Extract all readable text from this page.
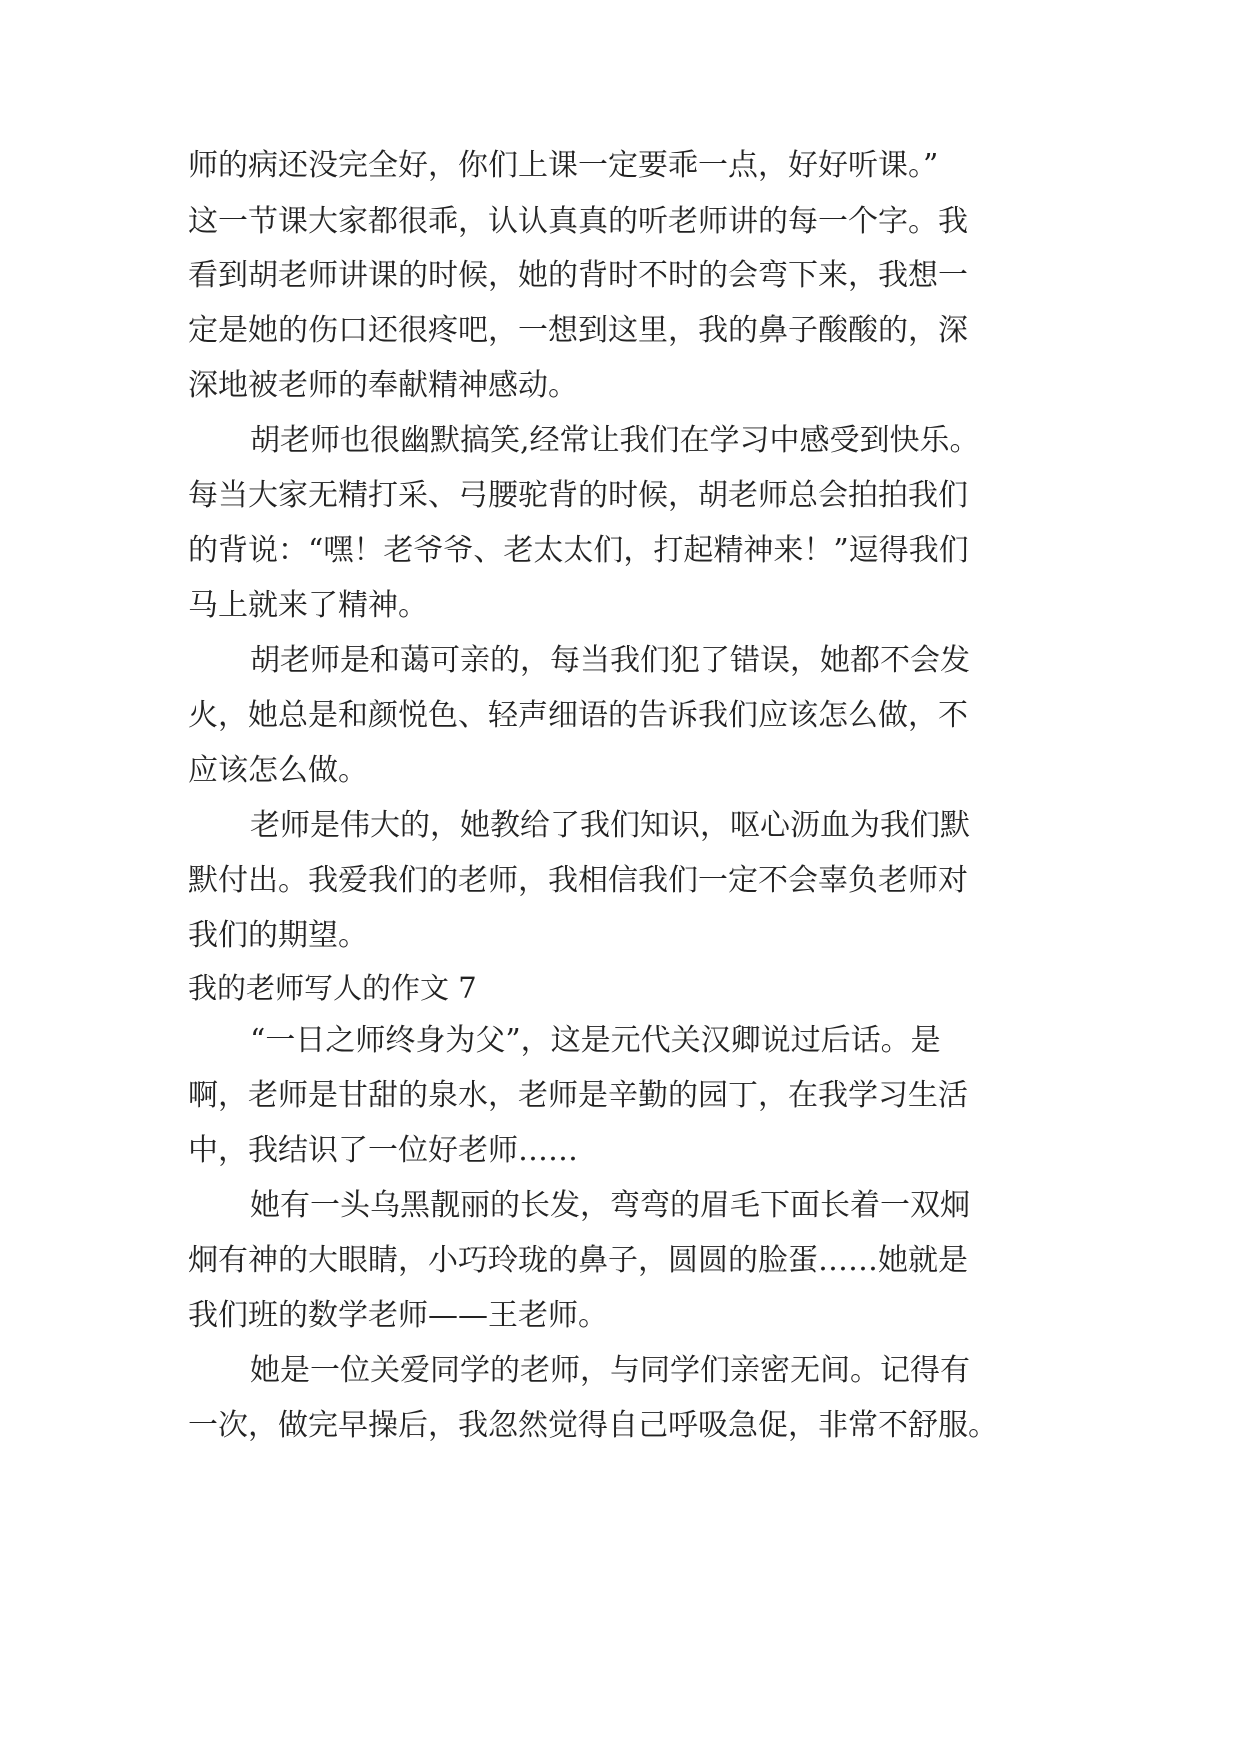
师的病还没完全好，你们上课一定要乖一点，好好听课。”
这一节课大家都很乖，认认真真的听老师讲的每一个字。我
看到胡老师讲课的时候，她的背时不时的会弯下来，我想一
定是她的伤口还很疼吧，一想到这里，我的鼻子酸酸的，深
深地被老师的奉献精神感动。
胡老师也很幽默搞笑,经常让我们在学习中感受到快乐。
每当大家无精打采、弓腰驼背的时候，胡老师总会拍拍我们
的背说：“嘿！老爷爷、老太太们，打起精神来！”逗得我们
马上就来了精神。
胡老师是和蔼可亲的，每当我们犯了错误，她都不会发
火，她总是和颜悦色、轻声细语的告诉我们应该怎么做，不
应该怎么做。
老师是伟大的，她教给了我们知识，呕心沥血为我们默
默付出。我爱我们的老师，我相信我们一定不会辜负老师对
我们的期望。
我的老师写人的作文 7
“一日之师终身为父”，这是元代关汉卿说过后话。是
啊，老师是甘甜的泉水，老师是辛勤的园丁，在我学习生活
中，我结识了一位好老师……
她有一头乌黑靓丽的长发，弯弯的眉毛下面长着一双炯
炯有神的大眼睛，小巧玲珑的鼻子，圆圆的脸蛋……她就是
我们班的数学老师——王老师。
她是一位关爱同学的老师，与同学们亲密无间。记得有
一次，做完早操后，我忽然觉得自己呼吸急促，非常不舒服。
